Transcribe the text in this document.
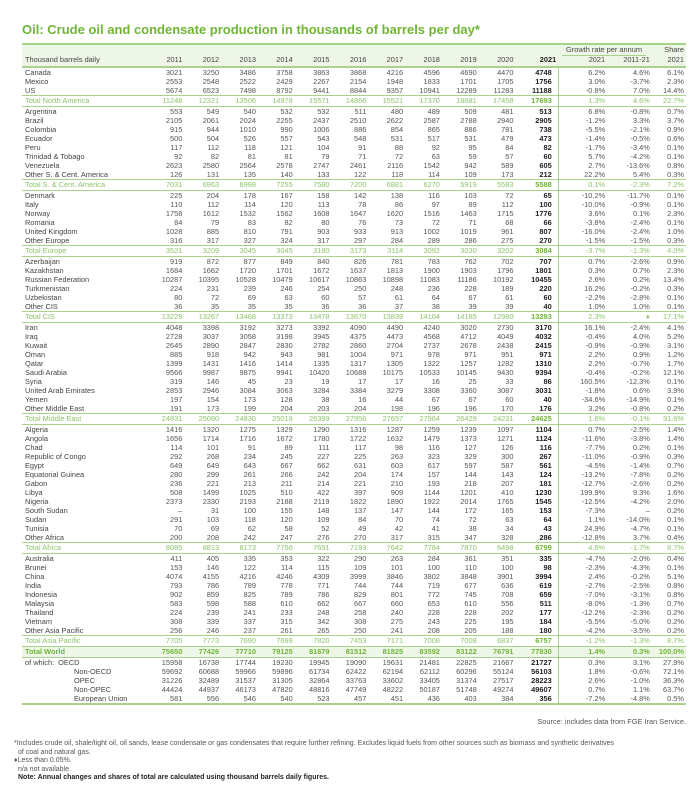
Oil: Crude oil and condensate production in thousands of barrels per day*
												Growth rate per annum		Share
Thousand barrels daily	2011	2012	2013	2014	2015	2016	2017	2018	2019	2020	2021	2021	2011-21	2021
Canada	3021	3250	3486	3758	3863	3868	4216	4596	4690	4470	4748	6.2%	4.6%	6.1%
Mexico	2553	2548	2522	2429	2267	2154	1948	1833	1701	1705	1756	3.0%	-3.7%	2.3%
US	5674	6523	7498	8792	9441	8844	9357	10941	12289	11283	11188	-0.8%	7.0%	14.4%
Total North America	11248	12321	13506	14978	15571	14866	15521	17370	18681	17458	17693	1.3%	4.6%	22.7%
Argentina	553	549	540	532	532	511	480	489	509	481	513	6.8%	-0.8%	0.7%
Brazil	2105	2061	2024	2255	2437	2510	2622	2587	2788	2940	2905	-1.2%	3.3%	3.7%
Colombia	915	944	1010	990	1006	886	854	865	886	781	738	-5.5%	-2.1%	0.9%
Ecuador	500	504	526	557	543	548	531	517	531	479	473	-1.4%	-0.5%	0.6%
Peru	117	112	118	121	104	91	88	92	95	84	82	-1.7%	-3.4%	0.1%
Trinidad & Tobago	92	82	81	81	79	71	72	63	59	57	60	5.7%	-4.2%	0.1%
Venezuela	2623	2580	2564	2578	2747	2461	2116	1542	942	589	605	2.7%	-13.6%	0.8%
Other S. & Cent. America	126	131	135	140	133	122	118	114	109	173	212	22.2%	5.4%	0.3%
Total S. & Cent. America	7031	6963	6998	7255	7580	7200	6881	6270	5919	5583	5588	0.1%	-2.3%	7.2%
Denmark	225	204	178	167	158	142	138	116	103	72	65	-10.2%	-11.7%	0.1%
Italy	110	112	114	120	113	78	86	97	89	112	100	-10.0%	-0.9%	0.1%
Norway	1758	1612	1532	1562	1608	1647	1620	1516	1463	1715	1776	3.6%	0.1%	2.3%
Romania	84	79	83	82	80	76	73	72	71	68	66	-3.8%	-2.4%	0.1%
United Kingdom	1028	885	810	791	903	933	913	1002	1019	961	807	-16.0%	-2.4%	1.0%
Other Europe	316	317	327	324	317	297	284	289	286	275	270	-1.5%	-1.5%	0.3%
Total Europe	3521	3209	3045	3045	3180	3173	3114	3092	3030	3202	3084	-3.7%	-1.3%	4.0%
Azerbaijan	919	872	877	849	840	826	781	783	762	702	707	0.7%	-2.6%	0.9%
Kazakhstan	1684	1662	1720	1701	1672	1637	1813	1900	1903	1796	1801	0.3%	0.7%	2.3%
Russian Federation	10287	10395	10528	10479	10617	10863	10898	11083	11186	10192	10455	2.6%	0.2%	13.4%
Turkmenistan	224	231	239	246	254	250	248	236	228	189	220	16.2%	-0.2%	0.3%
Uzbekistan	80	72	69	63	60	57	61	64	67	61	60	-2.2%	-2.8%	0.1%
Other CIS	36	35	35	35	36	36	37	38	39	39	40	1.0%	1.0%	0.1%
Total CIS	13229	13267	13468	13373	13478	13670	13839	14104	14185	12980	13283	2.3%	♦	17.1%
Iran	4048	3398	3192	3273	3392	4090	4490	4240	3020	2730	3170	16.1%	-2.4%	4.1%
Iraq	2728	3037	3058	3198	3945	4375	4473	4568	4712	4049	4032	-0.4%	4.0%	5.2%
Kuwait	2645	2890	2847	2830	2782	2860	2704	2737	2678	2438	2415	-0.9%	-0.9%	3.1%
Oman	885	918	942	943	981	1004	971	978	971	951	971	2.2%	0.9%	1.2%
Qatar	1399	1431	1416	1414	1335	1317	1305	1322	1257	1282	1310	2.2%	-0.7%	1.7%
Saudi Arabia	9566	9987	9875	9941	10420	10688	10175	10533	10145	9430	9394	-0.4%	-0.2%	12.1%
Syria	319	146	45	23	19	17	17	16	25	33	86	160.5%	-12.3%	0.1%
United Arab Emirates	2853	2946	3084	3063	3284	3384	3279	3308	3360	3087	3031	-1.8%	0.6%	3.9%
Yemen	197	154	173	128	38	16	44	67	67	60	40	-34.6%	-14.9%	0.1%
Other Middle East	191	173	199	204	203	204	198	196	196	170	176	3.2%	-0.8%	0.2%
Total Middle East	24831	25080	24830	25018	26399	27956	27657	27964	26429	24231	24625	1.6%	-0.1%	31.6%
Algeria	1416	1320	1275	1329	1290	1316	1287	1259	1239	1097	1104	0.7%	-2.5%	1.4%
Angola	1656	1714	1716	1672	1780	1722	1632	1479	1373	1271	1124	-11.6%	-3.8%	1.4%
Chad	114	101	91	89	111	117	98	116	127	126	116	-7.7%	0.2%	0.1%
Republic of Congo	292	268	234	245	227	225	263	323	329	300	267	-11.0%	-0.9%	0.3%
Egypt	649	649	643	667	662	631	603	617	597	587	561	-4.5%	-1.4%	0.7%
Equatorial Guinea	280	299	261	266	242	204	174	157	144	143	124	-13.2%	-7.8%	0.2%
Gabon	236	221	213	211	214	221	210	193	218	207	181	-12.7%	-2.6%	0.2%
Libya	508	1499	1025	510	422	397	909	1144	1201	410	1230	199.9%	9.3%	1.6%
Nigeria	2373	2330	2193	2188	2119	1822	1890	1922	2014	1765	1545	-12.5%	-4.2%	2.0%
South Sudan	–	31	100	155	148	137	147	144	172	165	153	-7.3%	–	0.2%
Sudan	291	103	118	120	109	84	70	74	72	63	64	1.1%	-14.0%	0.1%
Tunisia	70	69	62	58	52	49	42	41	38	34	43	24.9%	-4.7%	0.1%
Other Africa	200	208	242	247	276	270	317	315	347	328	286	-12.8%	3.7%	0.4%
Total Africa	8085	8813	8173	7756	7651	7193	7642	7784	7870	6498	6799	4.6%	-1.7%	8.7%
Australia	411	405	335	353	322	290	263	284	361	351	335	-4.7%	-2.0%	0.4%
Brunei	153	146	122	114	115	109	101	100	110	100	98	-2.3%	-4.3%	0.1%
China	4074	4155	4216	4246	4309	3999	3846	3802	3848	3901	3994	2.4%	-0.2%	5.1%
India	793	786	789	778	771	744	744	719	677	636	619	-2.7%	-2.5%	0.8%
Indonesia	902	859	825	789	786	829	801	772	745	708	659	-7.0%	-3.1%	0.8%
Malaysia	583	598	588	610	662	667	660	653	610	556	511	-8.0%	-1.3%	0.7%
Thailand	224	239	241	233	248	258	240	228	228	202	177	-12.2%	-2.3%	0.2%
Vietnam	308	339	337	315	342	308	275	243	225	195	184	-5.5%	-5.0%	0.2%
Other Asia Pacific	256	246	237	261	265	250	241	208	205	188	180	-4.2%	-3.5%	0.2%
Total Asia Pacific	7705	7773	7690	7699	7820	7453	7171	7008	7008	6837	6757	-1.2%	-1.3%	8.7%
Total World	75650	77426	77710	79125	81679	81512	81825	83592	83122	76791	77830	1.4%	0.3%	100.0%
of which: OECD	15958	16738	17744	19230	19945	19090	19631	21481	22825	21667	21727	0.3%	3.1%	27.9%
Non-OECD	59692	60688	59966	59896	61734	62422	62194	62112	60296	55124	56103	1.8%	-0.6%	72.1%
OPEC	31226	32489	31537	31305	32864	33763	33602	33405	31374	27517	28223	2.6%	-1.0%	36.3%
Non-OPEC	44424	44937	46173	47820	48816	47749	48222	50187	51748	49274	49607	0.7%	1.1%	63.7%
European Union	581	556	546	540	523	457	451	436	403	384	356	-7.2%	-4.8%	0.5%
Source: includes data from FGE Iran Service.
*Includes crude oil, shale/tight oil, oil sands, lease condensate or gas condensates that require further refining. Excludes liquid fuels from other sources such as biomass and synthetic derivatives
of coal and natural gas.
♦Less than 0.05%.
n/a not available.
Note: Annual changes and shares of total are calculated using thousand barrels daily figures.
